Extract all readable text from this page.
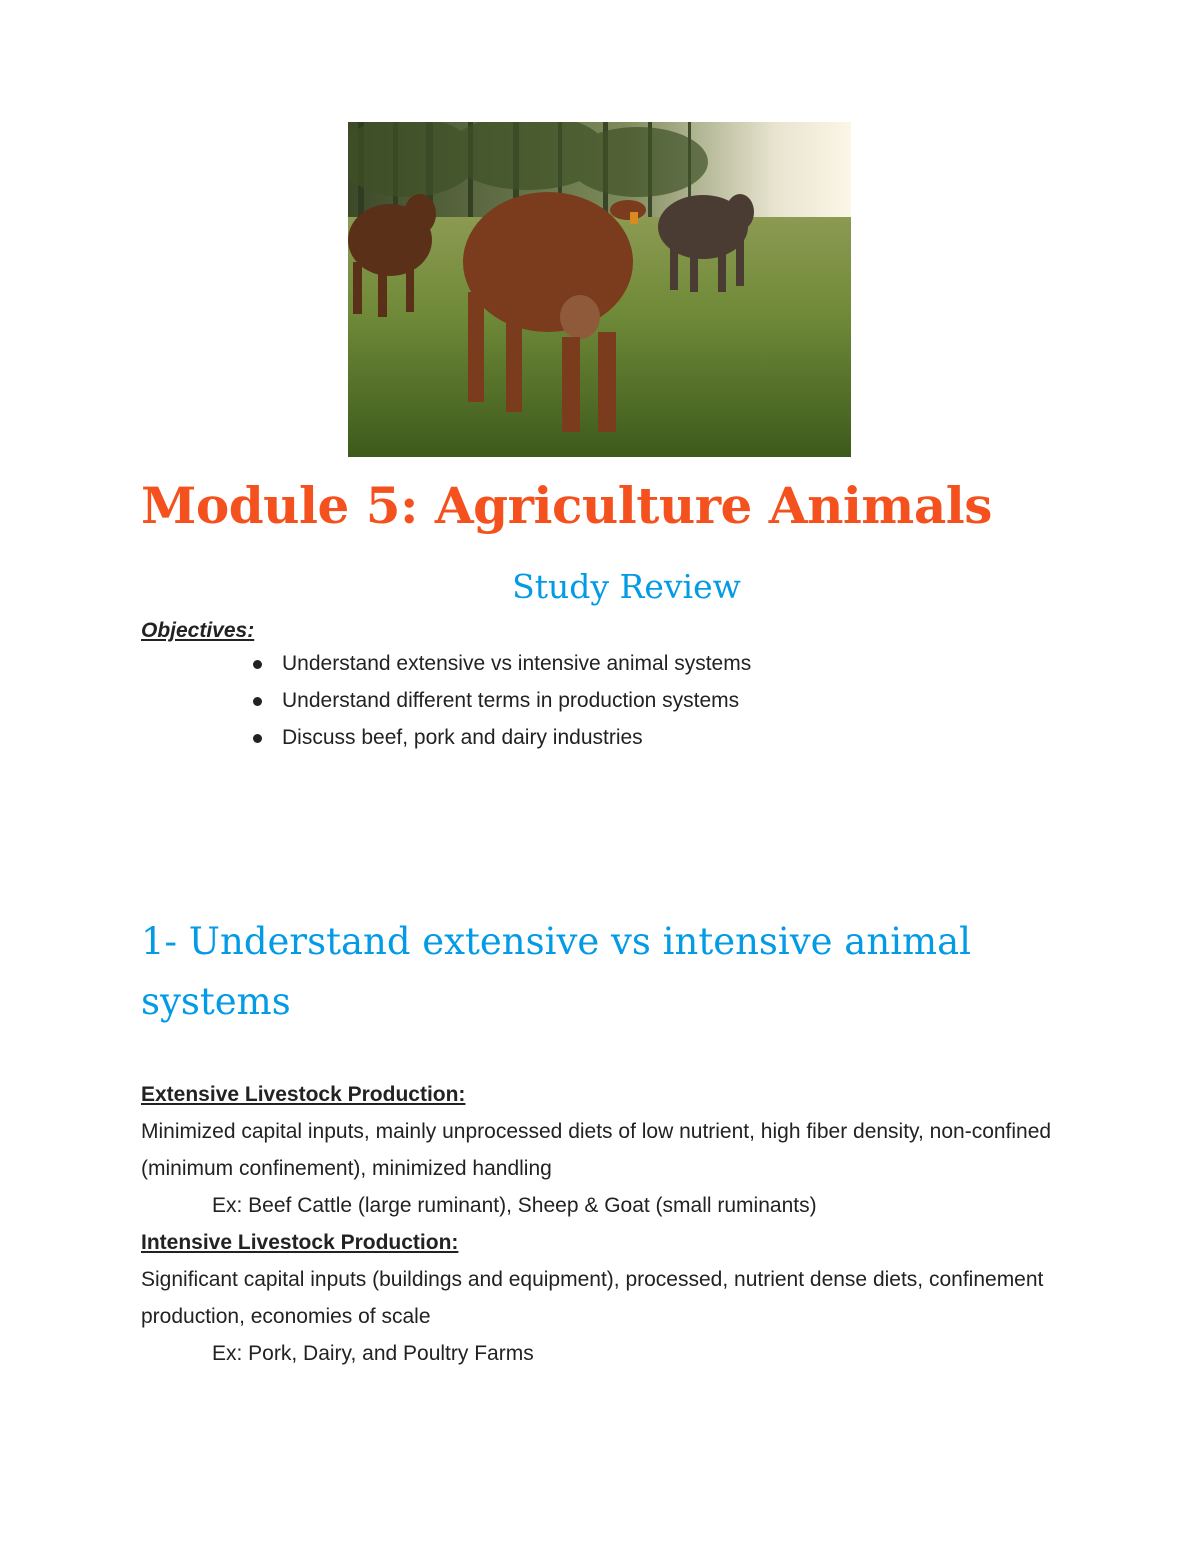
Module 5: Agriculture Animals
Study Review

Objectives:

Understand extensive vs intensive animal systems
Understand different terms in production systems
Discuss beef, pork and dairy industries
1- Understand extensive vs intensive animal systems

Extensive Livestock Production:

Minimized capital inputs, mainly unprocessed diets of low nutrient, high fiber density, non-confined (minimum confinement), minimized handling

Ex: Beef Cattle (large ruminant), Sheep & Goat (small ruminants)

Intensive Livestock Production:

Significant capital inputs (buildings and equipment), processed, nutrient dense diets, confinement production, economies of scale

Ex: Pork, Dairy, and Poultry Farms
